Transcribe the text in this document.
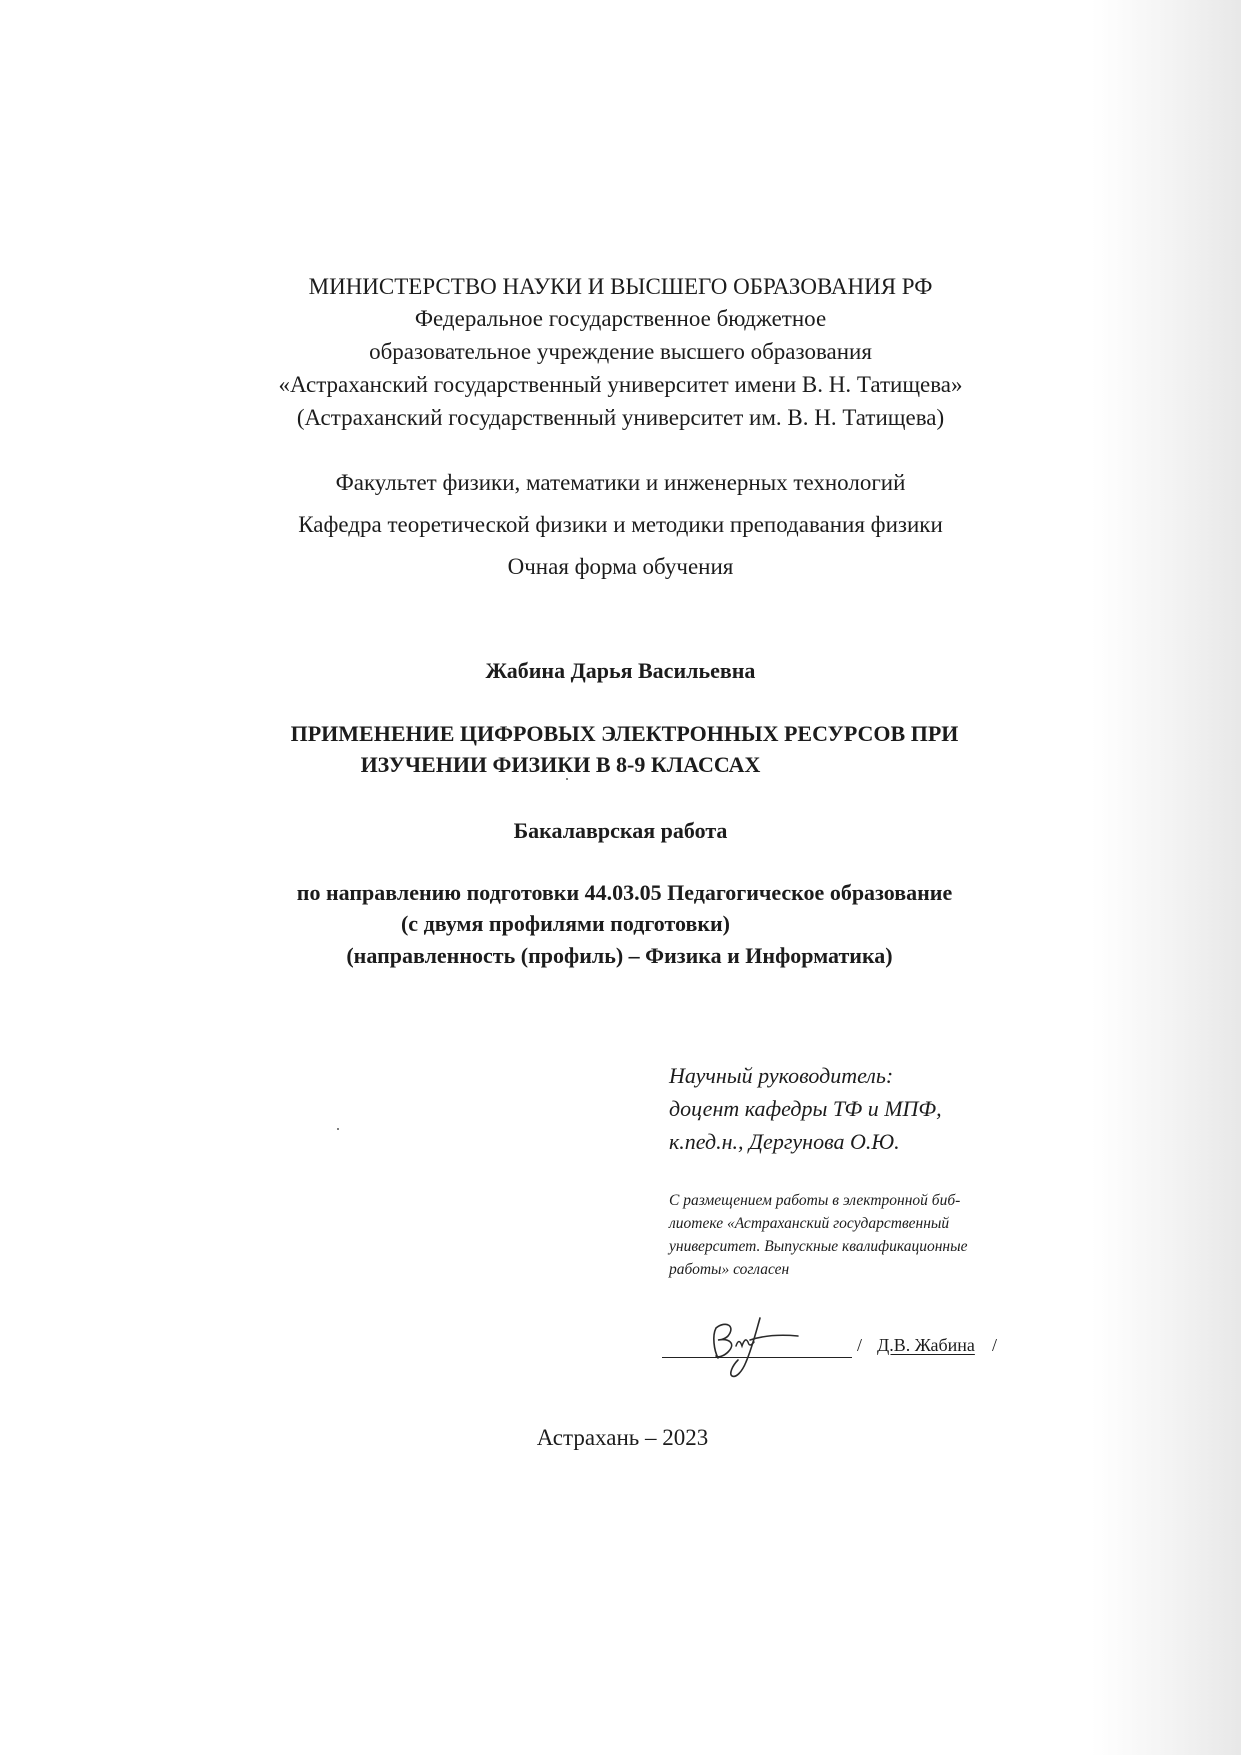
МИНИСТЕРСТВО НАУКИ И ВЫСШЕГО ОБРАЗОВАНИЯ РФ
Федеральное государственное бюджетное
образовательное учреждение высшего образования
«Астраханский государственный университет имени В. Н. Татищева»
(Астраханский государственный университет им. В. Н. Татищева)
Факультет физики, математики и инженерных технологий
Кафедра теоретической физики и методики преподавания физики
Очная форма обучения
Жабина Дарья Васильевна
ПРИМЕНЕНИЕ ЦИФРОВЫХ ЭЛЕКТРОННЫХ РЕСУРСОВ ПРИ
ИЗУЧЕНИИ ФИЗИКИ В 8-9 КЛАССАХ
Бакалаврская работа
по направлению подготовки 44.03.05 Педагогическое образование
(с двумя профилями подготовки)
(направленность (профиль) – Физика и Информатика)
Научный руководитель:
доцент кафедры ТФ и МПФ,
к.пед.н., Дергунова О.Ю.
С размещением работы в электронной биб-
лиотеке «Астраханский государственный
университет. Выпускные квалификационные
работы» согласен
/ Д.В. Жабина /
Астрахань – 2023
